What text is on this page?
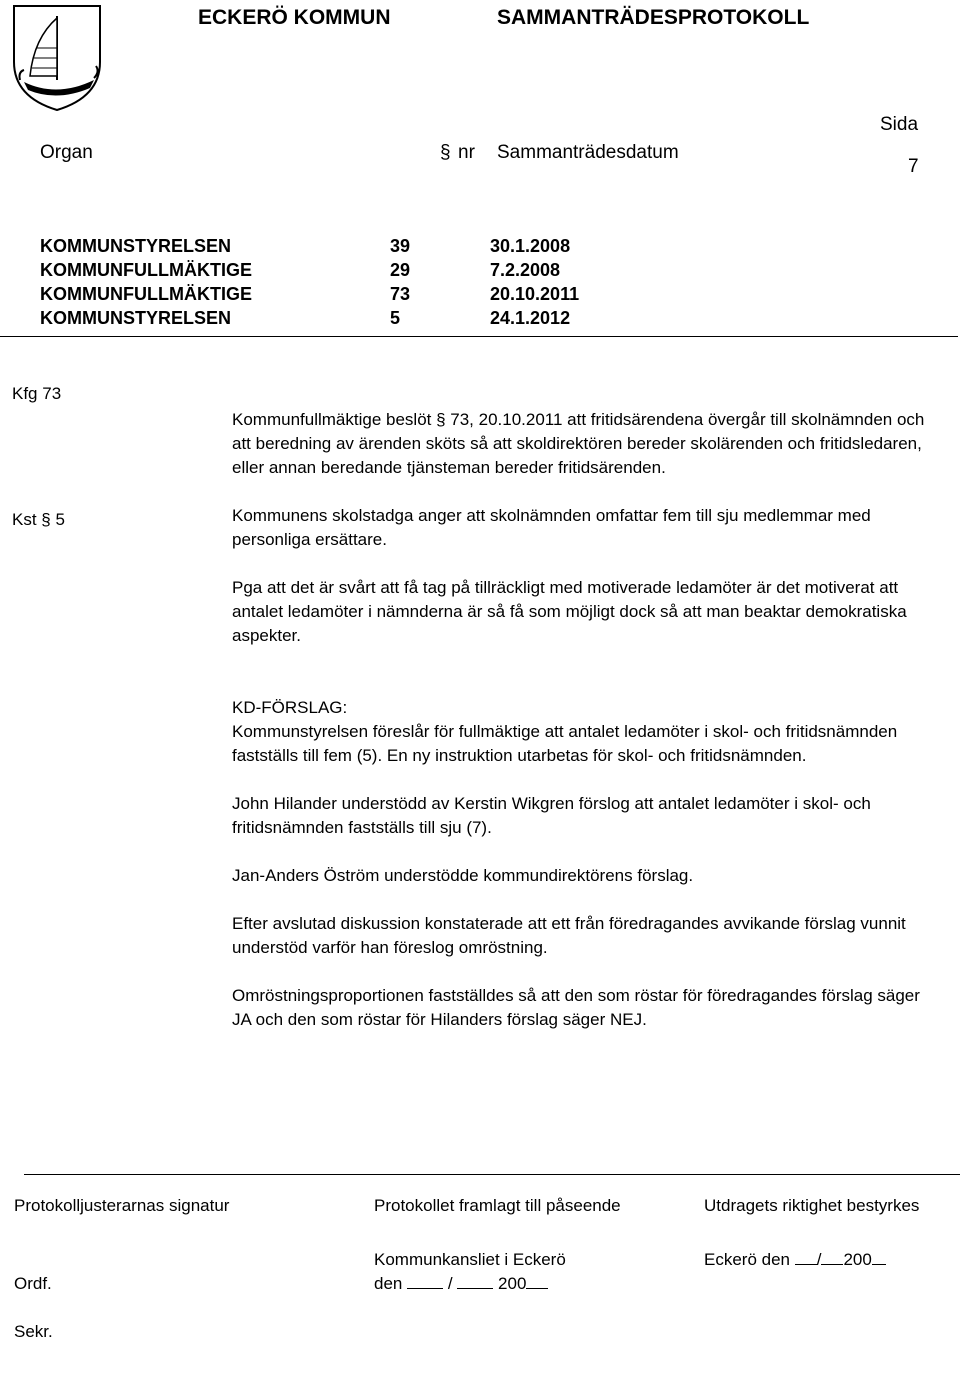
ECKERÖ KOMMUN	SAMMANTRÄDESPROTOKOLL
Sida
7
Organ	§ nr Sammanträdesdatum
KOMMUNSTYRELSEN	39	30.1.2008
KOMMUNFULLMÄKTIGE	29	7.2.2008
KOMMUNFULLMÄKTIGE	73	20.10.2011
KOMMUNSTYRELSEN	5	24.1.2012
Kfg 73
Kst § 5

Kommunfullmäktige beslöt § 73, 20.10.2011 att fritidsärendena övergår till skolnämnden och att beredning av ärenden sköts så att skoldirektören bereder skolärenden och fritidsledaren, eller annan beredande tjänsteman bereder fritidsärenden.

Kommunens skolstadga anger att skolnämnden omfattar fem till sju medlemmar med personliga ersättare.

Pga att det är svårt att få tag på tillräckligt med motiverade ledamöter är det motiverat att antalet ledamöter i nämnderna är så få som möjligt dock så att man beaktar demokratiska aspekter.

KD-FÖRSLAG:

Kommunstyrelsen föreslår för fullmäktige att antalet ledamöter i skol- och fritidsnämnden fastställs till fem (5). En ny instruktion utarbetas för skol- och fritidsnämnden.

John Hilander understödd av Kerstin Wikgren förslog att antalet ledamöter i skol- och fritidsnämnden fastställs till sju (7).

Jan-Anders Öström understödde kommundirektörens förslag.

Efter avslutad diskussion konstaterade att ett från föredragandes avvikande förslag vunnit understöd varför han föreslog omröstning.

Omröstningsproportionen fastställdes så att den som röstar för föredragandes förslag säger JA och den som röstar för Hilanders förslag säger NEJ.

Protokolljusterarnas signatur
Ordf.
Sekr.
Protokollet framlagt till påseende
Kommunkansliet i Eckerö
den	/	200
Utdragets riktighet bestyrkes
Eckerö den / 200
